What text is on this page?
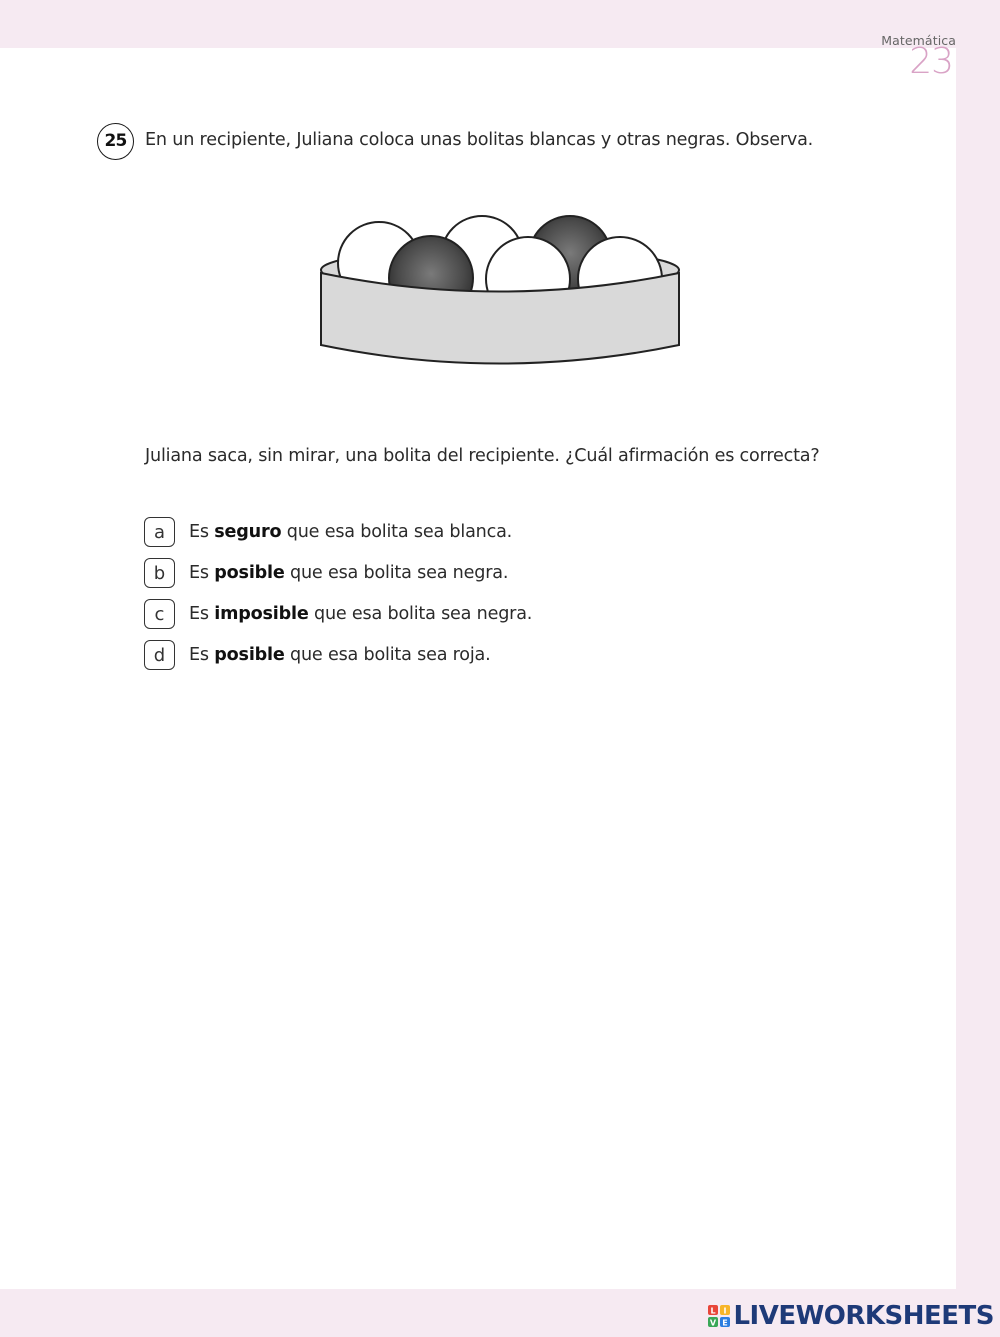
Matemática
23
25	En un recipiente, Juliana coloca unas bolitas blancas y otras negras. Observa.
Juliana saca, sin mirar, una bolita del recipiente. ¿Cuál afirmación es correcta?
a	Es seguro que esa bolita sea blanca.
b	Es posible que esa bolita sea negra.
c	Es imposible que esa bolita sea negra.
d	Es posible que esa bolita sea roja.
L I
V E LIVEWORKSHEETS
